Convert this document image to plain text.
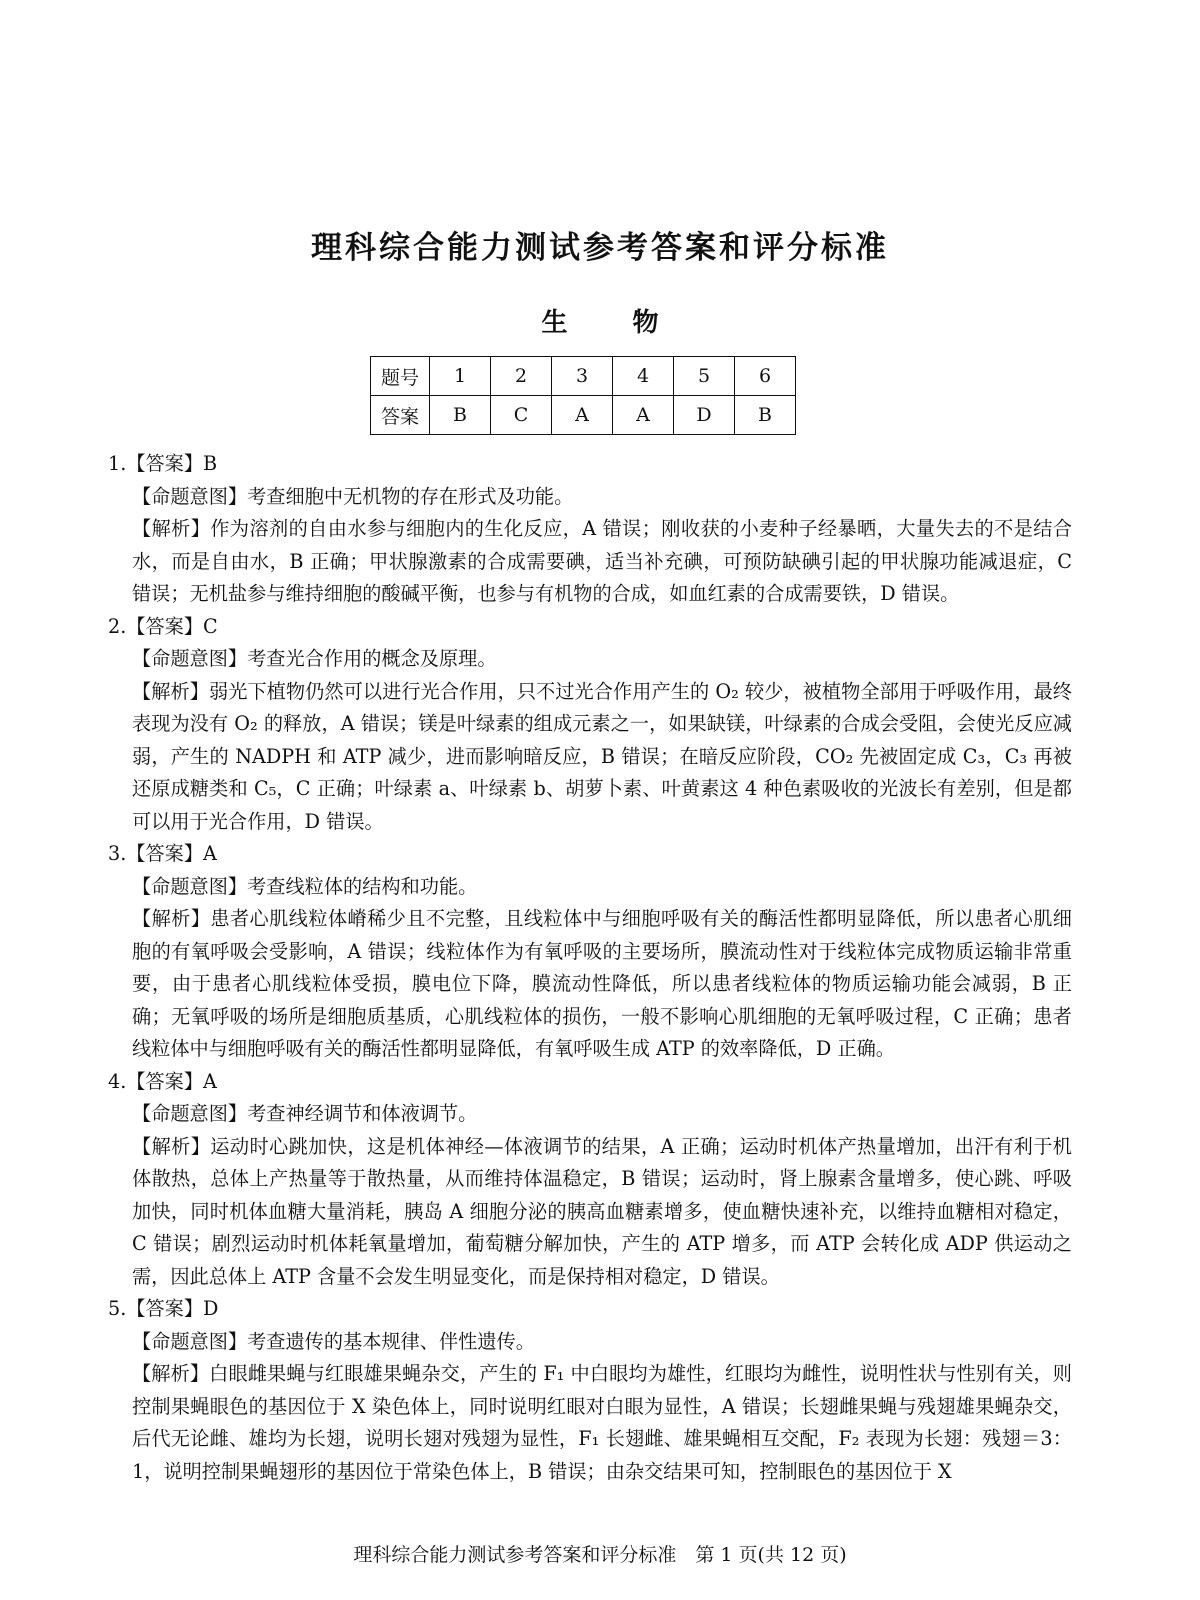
理科综合能力测试参考答案和评分标准
生 物
题号	1	2	3	4	5	6
答案	B	C	A	A	D	B
1.【答案】B

【命题意图】考查细胞中无机物的存在形式及功能。

【解析】作为溶剂的自由水参与细胞内的生化反应，A 错误；刚收获的小麦种子经暴晒，大量失去的不是结合水，而是自由水，B 正确；甲状腺激素的合成需要碘，适当补充碘，可预防缺碘引起的甲状腺功能减退症，C 错误；无机盐参与维持细胞的酸碱平衡，也参与有机物的合成，如血红素的合成需要铁，D 错误。

2.【答案】C

【命题意图】考查光合作用的概念及原理。

【解析】弱光下植物仍然可以进行光合作用，只不过光合作用产生的 O₂ 较少，被植物全部用于呼吸作用，最终表现为没有 O₂ 的释放，A 错误；镁是叶绿素的组成元素之一，如果缺镁，叶绿素的合成会受阻，会使光反应减弱，产生的 NADPH 和 ATP 减少，进而影响暗反应，B 错误；在暗反应阶段，CO₂ 先被固定成 C₃，C₃ 再被还原成糖类和 C₅，C 正确；叶绿素 a、叶绿素 b、胡萝卜素、叶黄素这 4 种色素吸收的光波长有差别，但是都可以用于光合作用，D 错误。

3.【答案】A

【命题意图】考查线粒体的结构和功能。

【解析】患者心肌线粒体嵴稀少且不完整，且线粒体中与细胞呼吸有关的酶活性都明显降低，所以患者心肌细胞的有氧呼吸会受影响，A 错误；线粒体作为有氧呼吸的主要场所，膜流动性对于线粒体完成物质运输非常重要，由于患者心肌线粒体受损，膜电位下降，膜流动性降低，所以患者线粒体的物质运输功能会减弱，B 正确；无氧呼吸的场所是细胞质基质，心肌线粒体的损伤，一般不影响心肌细胞的无氧呼吸过程，C 正确；患者线粒体中与细胞呼吸有关的酶活性都明显降低，有氧呼吸生成 ATP 的效率降低，D 正确。

4.【答案】A

【命题意图】考查神经调节和体液调节。

【解析】运动时心跳加快，这是机体神经—体液调节的结果，A 正确；运动时机体产热量增加，出汗有利于机体散热，总体上产热量等于散热量，从而维持体温稳定，B 错误；运动时，肾上腺素含量增多，使心跳、呼吸加快，同时机体血糖大量消耗，胰岛 A 细胞分泌的胰高血糖素增多，使血糖快速补充，以维持血糖相对稳定，C 错误；剧烈运动时机体耗氧量增加，葡萄糖分解加快，产生的 ATP 增多，而 ATP 会转化成 ADP 供运动之需，因此总体上 ATP 含量不会发生明显变化，而是保持相对稳定，D 错误。

5.【答案】D

【命题意图】考查遗传的基本规律、伴性遗传。

【解析】白眼雌果蝇与红眼雄果蝇杂交，产生的 F₁ 中白眼均为雄性，红眼均为雌性，说明性状与性别有关，则控制果蝇眼色的基因位于 X 染色体上，同时说明红眼对白眼为显性，A 错误；长翅雌果蝇与残翅雄果蝇杂交，后代无论雌、雄均为长翅，说明长翅对残翅为显性，F₁ 长翅雌、雄果蝇相互交配，F₂ 表现为长翅：残翅＝3：1，说明控制果蝇翅形的基因位于常染色体上，B 错误；由杂交结果可知，控制眼色的基因位于 X

理科综合能力测试参考答案和评分标准　第 1 页(共 12 页)
